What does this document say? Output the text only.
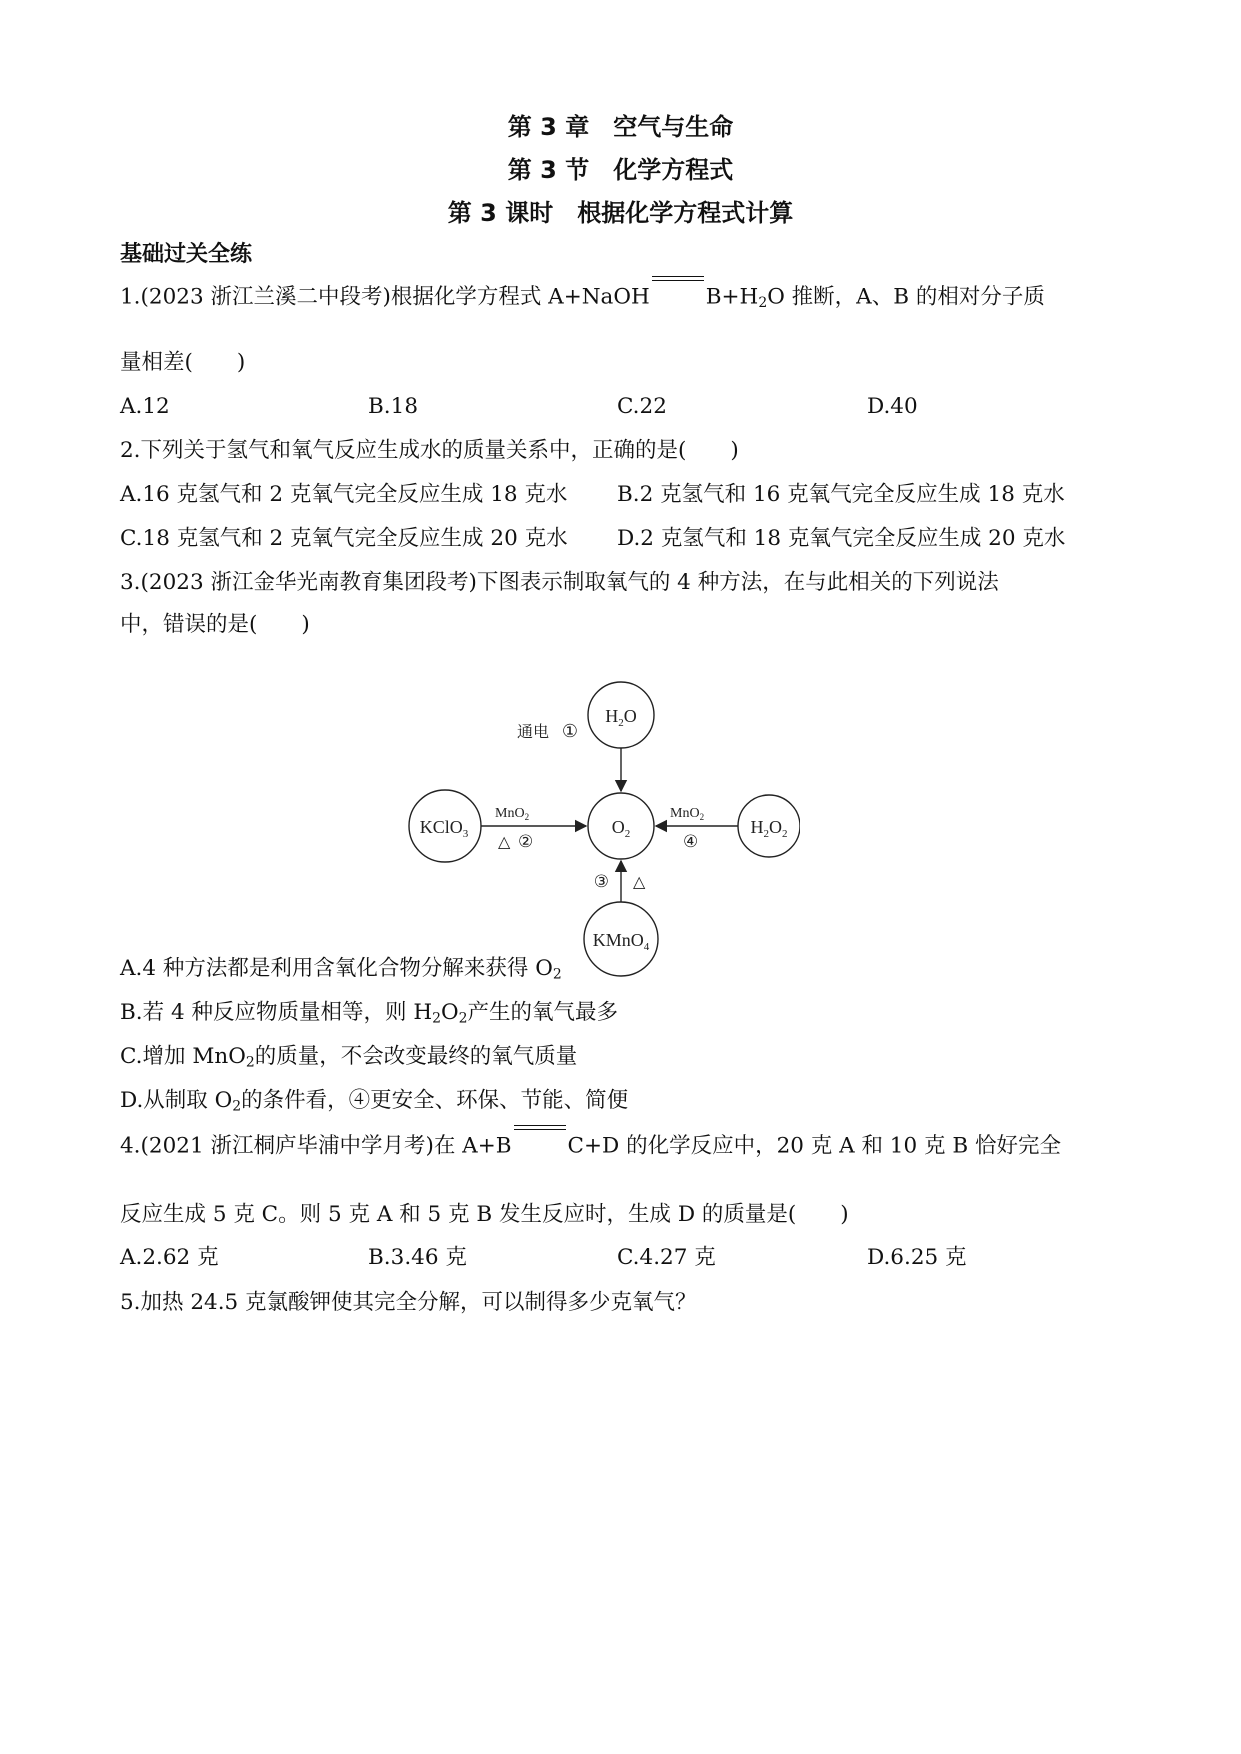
第 3 章　空气与生命
第 3 节　化学方程式
第 3 课时　根据化学方程式计算
基础过关全练
1.(2023 浙江兰溪二中段考)根据化学方程式 A+NaOH	$B+H_2O$ 推断，A、B 的相对分子质
量相差( )
A.12	B.18	C.22	D.40
2.下列关于氢气和氧气反应生成水的质量关系中，正确的是( )
A.16 克氢气和 2 克氧气完全反应生成 18 克水 B.2 克氢气和 16 克氧气完全反应生成 18 克水
C.18 克氢气和 2 克氧气完全反应生成 20 克水 D.2 克氢气和 18 克氧气完全反应生成 20 克水
3.(2023 浙江金华光南教育集团段考)下图表示制取氧气的 4 种方法，在与此相关的下列说法
中，错误的是( )
$H_2O$
$O_2$
KClO$_3$	$H_2O_2$
KMnO$_4$
通电 ①
MnO$_2$
△ ②
MnO$_2$
④
③ △
A.4 种方法都是利用含氧化合物分解来获得 $O_2$
B.若 4 种反应物质量相等，则 $H_2O_2$产生的氧气最多
C.增加 MnO$_2$的质量，不会改变最终的氧气质量
D.从制取 $O_2$的条件看，④更安全、环保、节能、简便
4.(2021 浙江桐庐毕浦中学月考)在 A+B	C+D 的化学反应中，20 克 A 和 10 克 B 恰好完全
反应生成 5 克 C。则 5 克 A 和 5 克 B 发生反应时，生成 D 的质量是( )
A.2.62 克	B.3.46 克	C.4.27 克	D.6.25 克
5.加热 24.5 克氯酸钾使其完全分解，可以制得多少克氧气？
